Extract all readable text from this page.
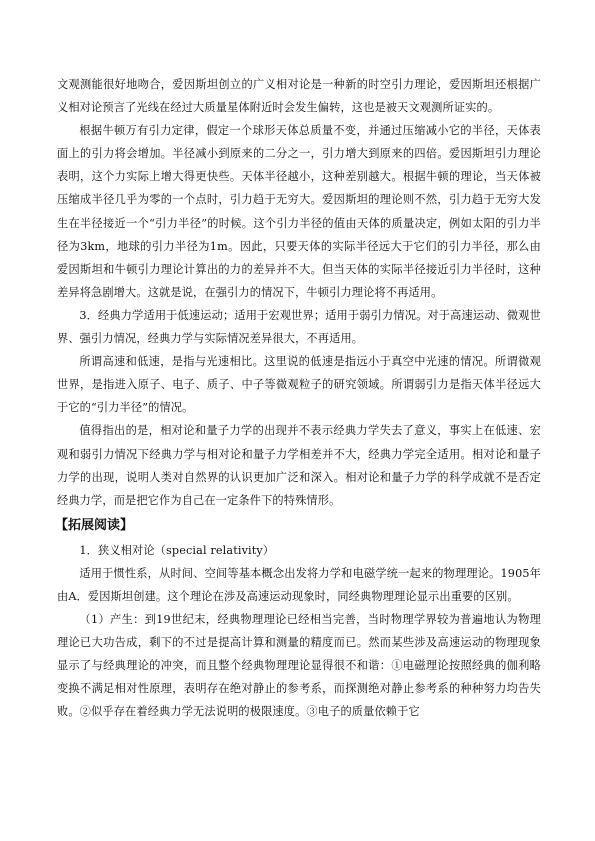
文观测能很好地吻合，爱因斯坦创立的广义相对论是一种新的时空引力理论，爱因斯坦还根据广义相对论预言了光线在经过大质量星体附近时会发生偏转，这也是被天文观测所证实的。

根据牛顿万有引力定律，假定一个球形天体总质量不变，并通过压缩减小它的半径，天体表面上的引力将会增加。半径减小到原来的二分之一，引力增大到原来的四倍。爱因斯坦引力理论表明，这个力实际上增大得更快些。天体半径越小，这种差别越大。根据牛顿的理论，当天体被压缩成半径几乎为零的一个点时，引力趋于无穷大。爱因斯坦的理论则不然，引力趋于无穷大发生在半径接近一个“引力半径”的时候。这个引力半径的值由天体的质量决定，例如太阳的引力半径为3km，地球的引力半径为1m。因此，只要天体的实际半径远大于它们的引力半径，那么由爱因斯坦和牛顿引力理论计算出的力的差异并不大。但当天体的实际半径接近引力半径时，这种差异将急剧增大。这就是说，在强引力的情况下，牛顿引力理论将不再适用。

3．经典力学适用于低速运动；适用于宏观世界；适用于弱引力情况。对于高速运动、微观世界、强引力情况，经典力学与实际情况差异很大，不再适用。

所谓高速和低速，是指与光速相比。这里说的低速是指远小于真空中光速的情况。所谓微观世界，是指进入原子、电子、质子、中子等微观粒子的研究领域。所谓弱引力是指天体半径远大于它的“引力半径”的情况。

值得指出的是，相对论和量子力学的出现并不表示经典力学失去了意义，事实上在低速、宏观和弱引力情况下经典力学与相对论和量子力学相差并不大，经典力学完全适用。相对论和量子力学的出现，说明人类对自然界的认识更加广泛和深入。相对论和量子力学的科学成就不是否定经典力学，而是把它作为自己在一定条件下的特殊情形。

【拓展阅读】

1．狭义相对论（special relativity）

适用于惯性系，从时间、空间等基本概念出发将力学和电磁学统一起来的物理理论。1905年由A．爱因斯坦创建。这个理论在涉及高速运动现象时，同经典物理理论显示出重要的区别。

（1）产生：到19世纪末，经典物理理论已经相当完善，当时物理学界较为普遍地认为物理理论已大功告成，剩下的不过是提高计算和测量的精度而已。然而某些涉及高速运动的物理现象显示了与经典理论的冲突，而且整个经典物理理论显得很不和谐：①电磁理论按照经典的伽利略变换不满足相对性原理，表明存在绝对静止的参考系，而探测绝对静止参考系的种种努力均告失败。②似乎存在着经典力学无法说明的极限速度。③电子的质量依赖于它
